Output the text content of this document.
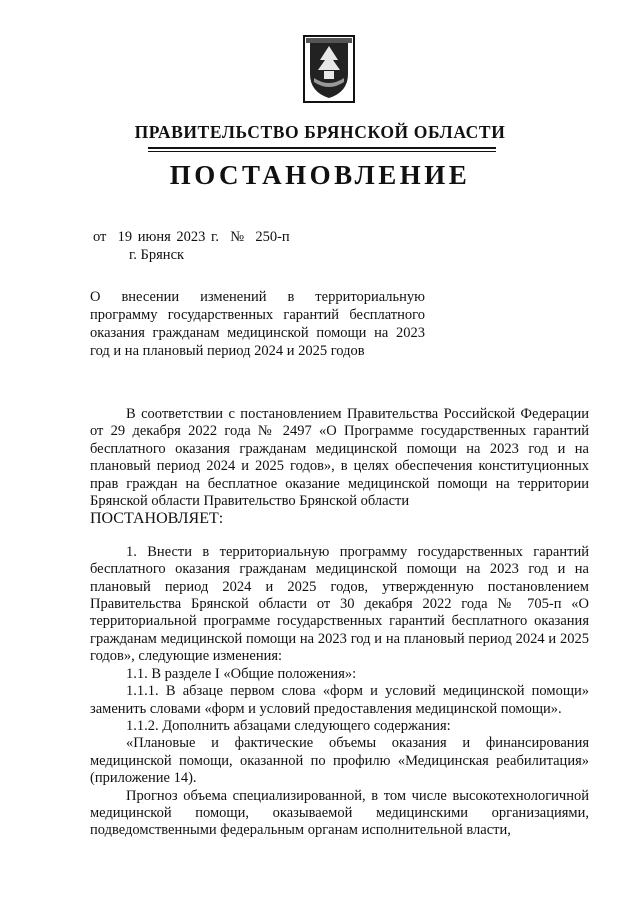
ПРАВИТЕЛЬСТВО БРЯНСКОЙ ОБЛАСТИ
ПОСТАНОВЛЕНИЕ
от  19 июня 2023 г.  №  250-п
г. Брянск
О внесении изменений в территориальную программу государственных гарантий бесплатного оказания гражданам медицинской помощи на 2023 год и на плановый период 2024 и 2025 годов

В соответствии с постановлением Правительства Российской Федерации от 29 декабря 2022 года № 2497 «О Программе государственных гарантий бесплатного оказания гражданам медицинской помощи на 2023 год и на плановый период 2024 и 2025 годов», в целях обеспечения конституционных прав граждан на бесплатное оказание медицинской помощи на территории Брянской области Правительство Брянской области

ПОСТАНОВЛЯЕТ:

1. Внести в территориальную программу государственных гарантий бесплатного оказания гражданам медицинской помощи на 2023 год и на плановый период 2024 и 2025 годов, утвержденную постановлением Правительства Брянской области от 30 декабря 2022 года № 705-п «О территориальной программе государственных гарантий бесплатного оказания гражданам медицинской помощи на 2023 год и на плановый период 2024 и 2025 годов», следующие изменения:

1.1. В разделе I «Общие положения»:

1.1.1. В абзаце первом слова «форм и условий медицинской помощи» заменить словами «форм и условий предоставления медицинской помощи».

1.1.2. Дополнить абзацами следующего содержания:

«Плановые и фактические объемы оказания и финансирования медицинской помощи, оказанной по профилю «Медицинская реабилитация» (приложение 14).

Прогноз объема специализированной, в том числе высокотехнологичной медицинской помощи, оказываемой медицинскими организациями, подведомственными федеральным органам исполнительной власти,
